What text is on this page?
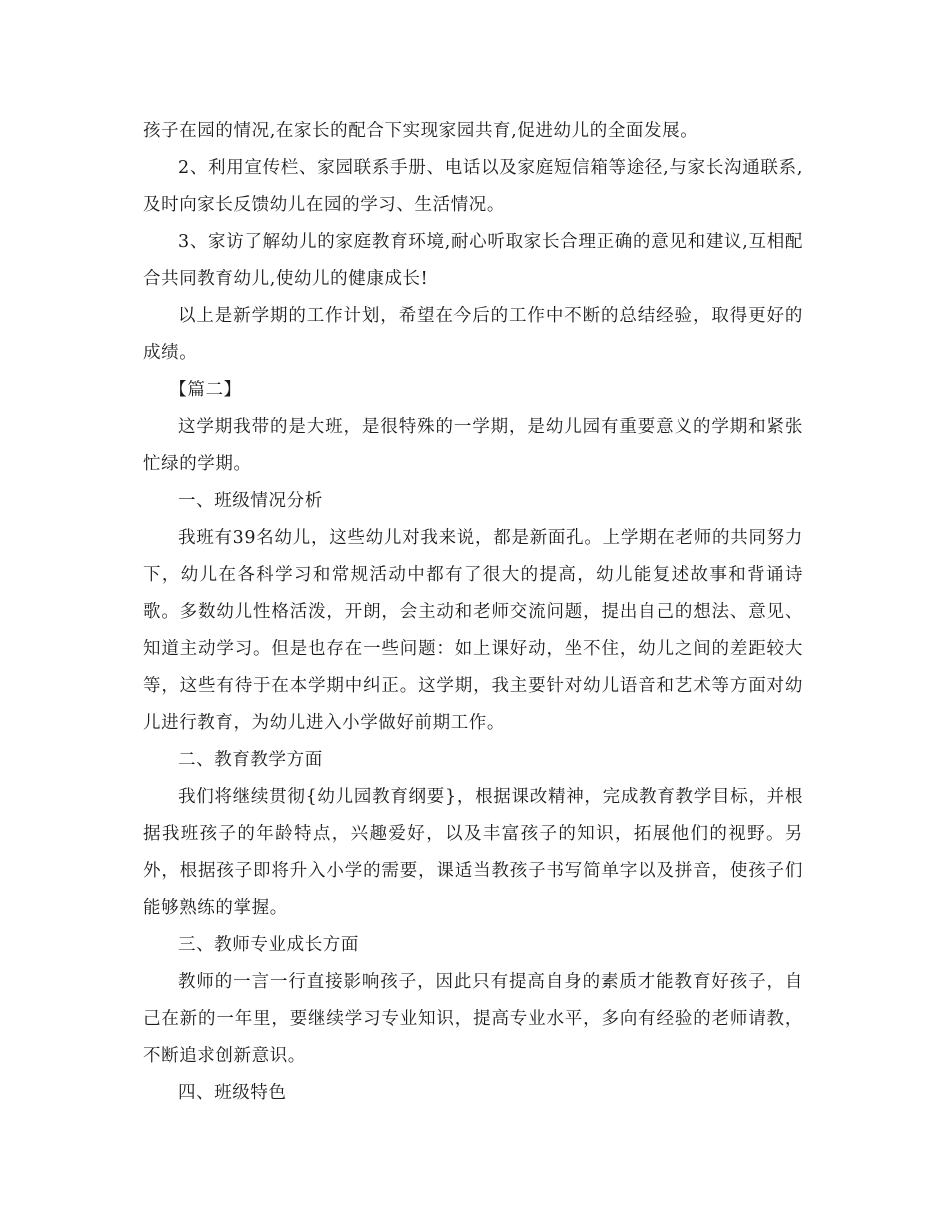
孩子在园的情况,在家长的配合下实现家园共育,促进幼儿的全面发展。

2、利用宣传栏、家园联系手册、电话以及家庭短信箱等途径,与家长沟通联系,及时向家长反馈幼儿在园的学习、生活情况。

3、家访了解幼儿的家庭教育环境,耐心听取家长合理正确的意见和建议,互相配合共同教育幼儿,使幼儿的健康成长!

以上是新学期的工作计划，希望在今后的工作中不断的总结经验，取得更好的成绩。

【篇二】

这学期我带的是大班，是很特殊的一学期，是幼儿园有重要意义的学期和紧张忙绿的学期。

一、班级情况分析

我班有39名幼儿，这些幼儿对我来说，都是新面孔。上学期在老师的共同努力下，幼儿在各科学习和常规活动中都有了很大的提高，幼儿能复述故事和背诵诗歌。多数幼儿性格活泼，开朗，会主动和老师交流问题，提出自己的想法、意见、知道主动学习。但是也存在一些问题：如上课好动，坐不住，幼儿之间的差距较大等，这些有待于在本学期中纠正。这学期，我主要针对幼儿语音和艺术等方面对幼儿进行教育，为幼儿进入小学做好前期工作。

二、教育教学方面

我们将继续贯彻{幼儿园教育纲要}，根据课改精神，完成教育教学目标，并根据我班孩子的年龄特点，兴趣爱好，以及丰富孩子的知识，拓展他们的视野。另外，根据孩子即将升入小学的需要，课适当教孩子书写简单字以及拼音，使孩子们能够熟练的掌握。

三、教师专业成长方面

教师的一言一行直接影响孩子，因此只有提高自身的素质才能教育好孩子，自己在新的一年里，要继续学习专业知识，提高专业水平，多向有经验的老师请教，不断追求创新意识。

四、班级特色
